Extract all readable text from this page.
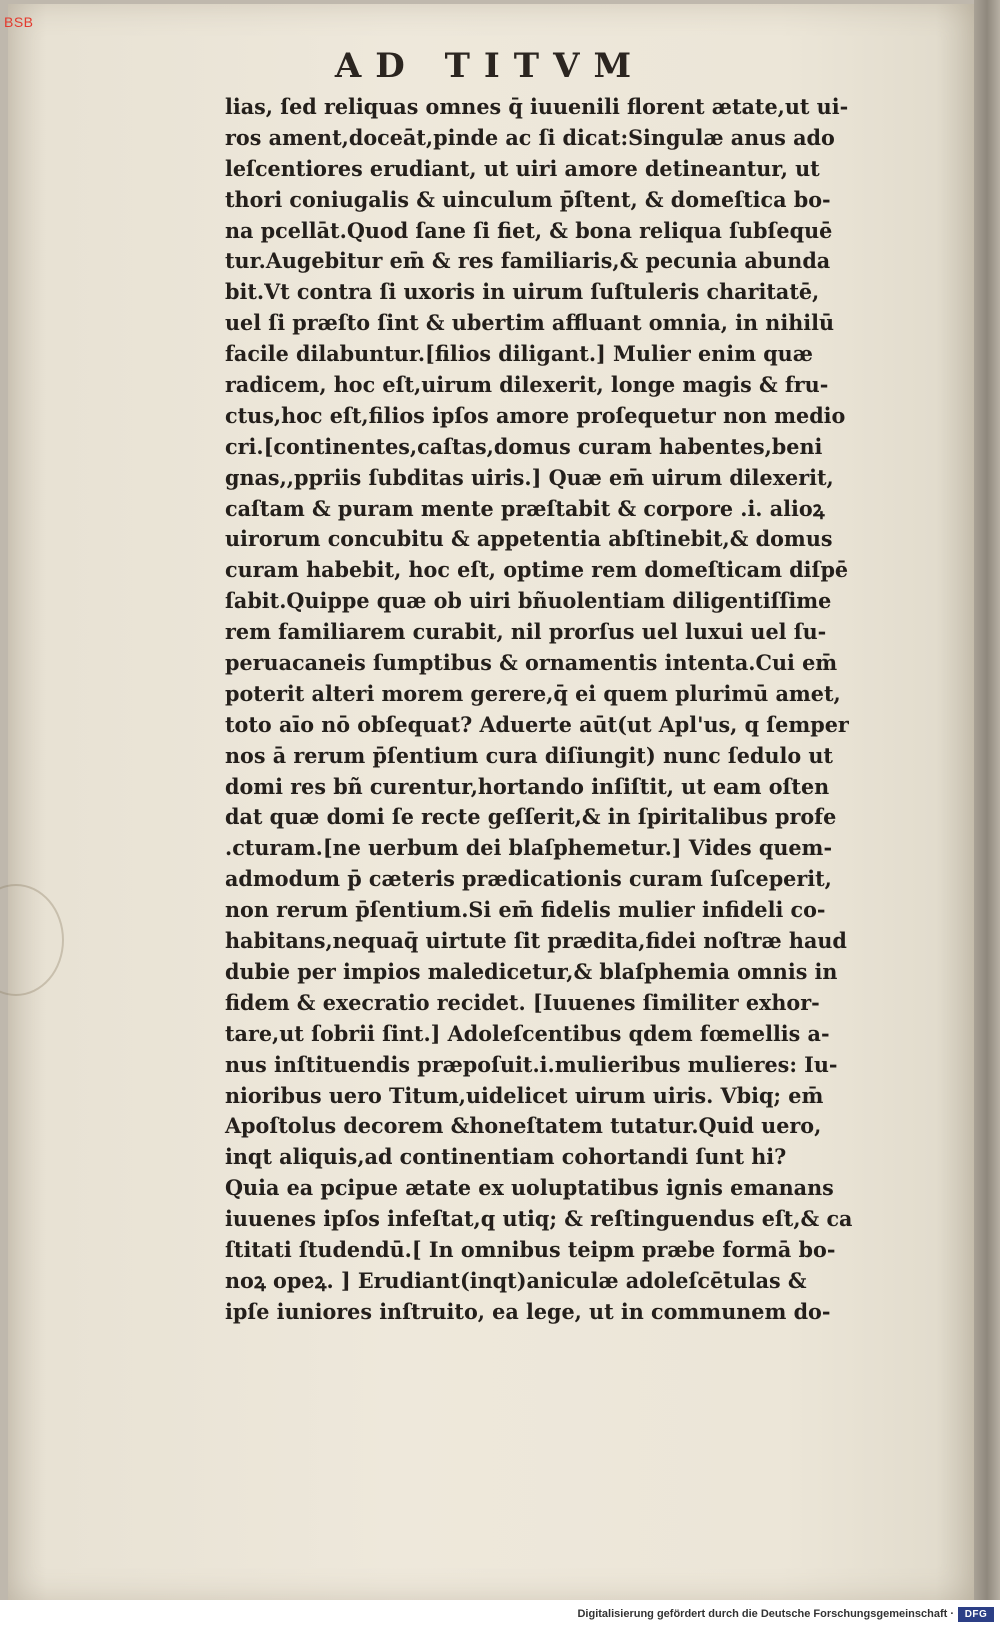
BSB
AD TITVM
lias, ſed reliquas omnes q̄ iuuenili florent ætate,ut ui-
ros ament,doceāt,pinde ac ſi dicat:Singulæ anus ado
leſcentiores erudiant, ut uiri amore detineantur, ut
thori coniugalis & uinculum p̄ſtent, & domeſtica bo-
na pcellāt.Quod ſane ſi fiet, & bona reliqua ſubſequē
tur.Augebitur em̄ & res familiaris,& pecunia abunda
bit.Vt contra ſi uxoris in uirum ſuſtuleris charitatē,
uel ſi præſto ſint & ubertim affluant omnia, in nihilū
facile dilabuntur.[filios diligant.] Mulier enim quæ
radicem, hoc eſt,uirum dilexerit, longe magis & fru-
ctus,hoc eſt,filios ipſos amore proſequetur non medio
cri.[continentes,caſtas,domus curam habentes,beni
gnas,,ppriis ſubditas uiris.] Quæ em̄ uirum dilexerit,
caſtam & puram mente præſtabit & corpore .i. alioꝝ
uirorum concubitu & appetentia abſtinebit,& domus
curam habebit, hoc eſt, optime rem domeſticam diſpē
ſabit.Quippe quæ ob uiri bñuolentiam diligentiſſime
rem familiarem curabit, nil prorſus uel luxui uel ſu-
peruacaneis ſumptibus & ornamentis intenta.Cui em̄
poterit alteri morem gerere,q̄ ei quem plurimū amet,
toto aīo nō obſequat? Aduerte aūt(ut Apl'us, q ſemper
nos ā rerum p̄ſentium cura diſiungit) nunc ſedulo ut
domi res bñ curentur,hortando inſiſtit, ut eam oſten
dat quæ domi ſe recte geſſerit,& in ſpiritalibus profe
.cturam.[ne uerbum dei blaſphemetur.] Vides quem-
admodum p̄ cæteris prædicationis curam ſuſceperit,
non rerum p̄ſentium.Si em̄ fidelis mulier infideli co-
habitans,nequaq̄ uirtute ſit prædita,fidei noſtræ haud
dubie per impios maledicetur,& blaſphemia omnis in
fidem & execratio recidet. [Iuuenes ſimiliter exhor-
tare,ut ſobrii ſint.] Adoleſcentibus qdem fœmellis a-
nus inſtituendis præpoſuit.i.mulieribus mulieres: Iu-
nioribus uero Titum,uidelicet uirum uiris. Vbiq; em̄
Apoſtolus decorem &honeſtatem tutatur.Quid uero,
inqt aliquis,ad continentiam cohortandi ſunt hi?
Quia ea pcipue ætate ex uoluptatibus ignis emanans
iuuenes ipſos infeſtat,q utiq; & reſtinguendus eſt,& ca
ſtitati ſtudendū.[ In omnibus teipm præbe formā bo-
noꝝ opeꝝ. ] Erudiant(inqt)aniculæ adoleſcētulas &
ipſe iuniores inſtruito, ea lege, ut in communem do-
Digitalisierung gefördert durch die Deutsche Forschungsgemeinschaft ·	DFG
